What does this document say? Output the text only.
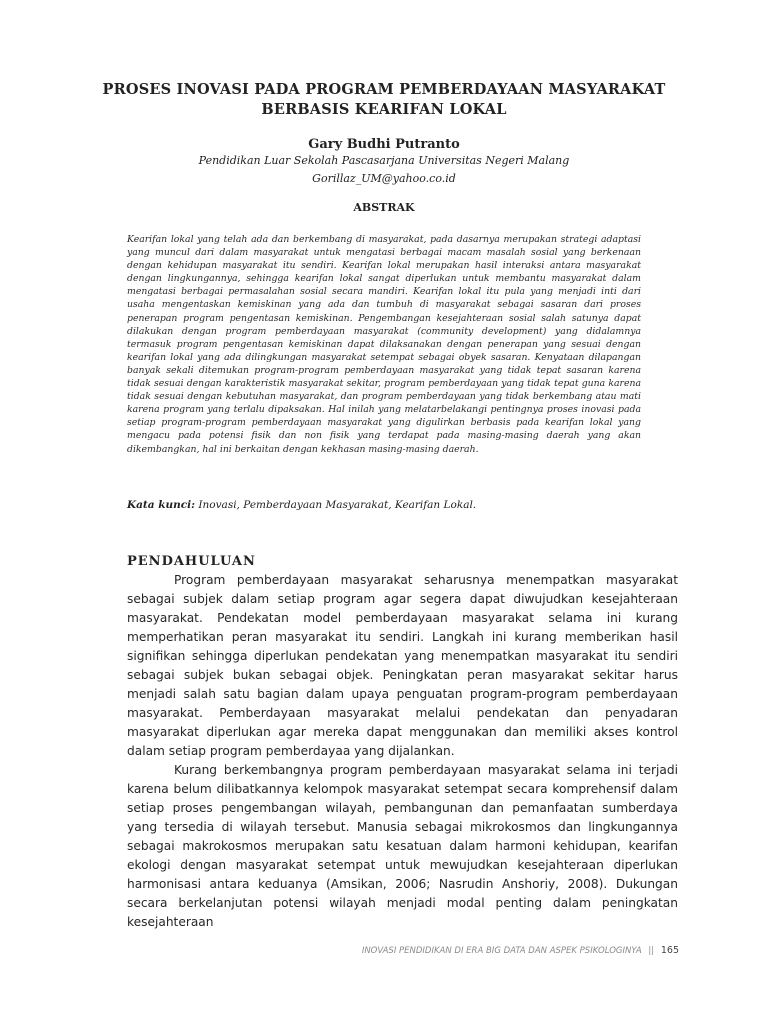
PROSES INOVASI PADA PROGRAM PEMBERDAYAAN MASYARAKAT
BERBASIS KEARIFAN LOKAL
Gary Budhi Putranto
Pendidikan Luar Sekolah Pascasarjana Universitas Negeri Malang
Gorillaz_UM@yahoo.co.id
ABSTRAK
Kearifan lokal yang telah ada dan berkembang di masyarakat, pada dasarnya merupakan strategi adaptasi yang muncul dari dalam masyarakat untuk mengatasi berbagai macam masalah sosial yang berkenaan dengan kehidupan masyarakat itu sendiri. Kearifan lokal merupakan hasil interaksi antara masyarakat dengan lingkungannya, sehingga kearifan lokal sangat diperlukan untuk membantu masyarakat dalam mengatasi berbagai permasalahan sosial secara mandiri. Kearifan lokal itu pula yang menjadi inti dari usaha mengentaskan kemiskinan yang ada dan tumbuh di masyarakat sebagai sasaran dari proses penerapan program pengentasan kemiskinan. Pengembangan kesejahteraan sosial salah satunya dapat dilakukan dengan program pemberdayaan masyarakat (community development) yang didalamnya termasuk program pengentasan kemiskinan dapat dilaksanakan dengan penerapan yang sesuai dengan kearifan lokal yang ada dilingkungan masyarakat setempat sebagai obyek sasaran. Kenyataan dilapangan banyak sekali ditemukan program-program pemberdayaan masyarakat yang tidak tepat sasaran karena tidak sesuai dengan karakteristik masyarakat sekitar, program pemberdayaan yang tidak tepat guna karena tidak sesuai dengan kebutuhan masyarakat, dan program pemberdayaan yang tidak berkembang atau mati karena program yang terlalu dipaksakan. Hal inilah yang melatarbelakangi pentingnya proses inovasi pada setiap program-program pemberdayaan masyarakat yang digulirkan berbasis pada kearifan lokal yang mengacu pada potensi fisik dan non fisik yang terdapat pada masing-masing daerah yang akan dikembangkan, hal ini berkaitan dengan kekhasan masing-masing daerah.
Kata kunci: Inovasi, Pemberdayaan Masyarakat, Kearifan Lokal.
PENDAHULUAN

Program pemberdayaan masyarakat seharusnya menempatkan masyarakat sebagai subjek dalam setiap program agar segera dapat diwujudkan kesejahteraan masyarakat. Pendekatan model pemberdayaan masyarakat selama ini kurang memperhatikan peran masyarakat itu sendiri. Langkah ini kurang memberikan hasil signifikan sehingga diperlukan pendekatan yang menempatkan masyarakat itu sendiri sebagai subjek bukan sebagai objek. Peningkatan peran masyarakat sekitar harus menjadi salah satu bagian dalam upaya penguatan program-program pemberdayaan masyarakat. Pemberdayaan masyarakat melalui pendekatan dan penyadaran masyarakat diperlukan agar mereka dapat menggunakan dan memiliki akses kontrol dalam setiap program pemberdayaa yang dijalankan.

Kurang berkembangnya program pemberdayaan masyarakat selama ini terjadi karena belum dilibatkannya kelompok masyarakat setempat secara komprehensif dalam setiap proses pengembangan wilayah, pembangunan dan pemanfaatan sumberdaya yang tersedia di wilayah tersebut. Manusia sebagai mikrokosmos dan lingkungannya sebagai makrokosmos merupakan satu kesatuan dalam harmoni kehidupan, kearifan ekologi dengan masyarakat setempat untuk mewujudkan kesejahteraan diperlukan harmonisasi antara keduanya (Amsikan, 2006; Nasrudin Anshoriy, 2008). Dukungan secara berkelanjutan potensi wilayah menjadi modal penting dalam peningkatan kesejahteraan

INOVASI PENDIDIKAN DI ERA BIG DATA DAN ASPEK PSIKOLOGINYA || 165
